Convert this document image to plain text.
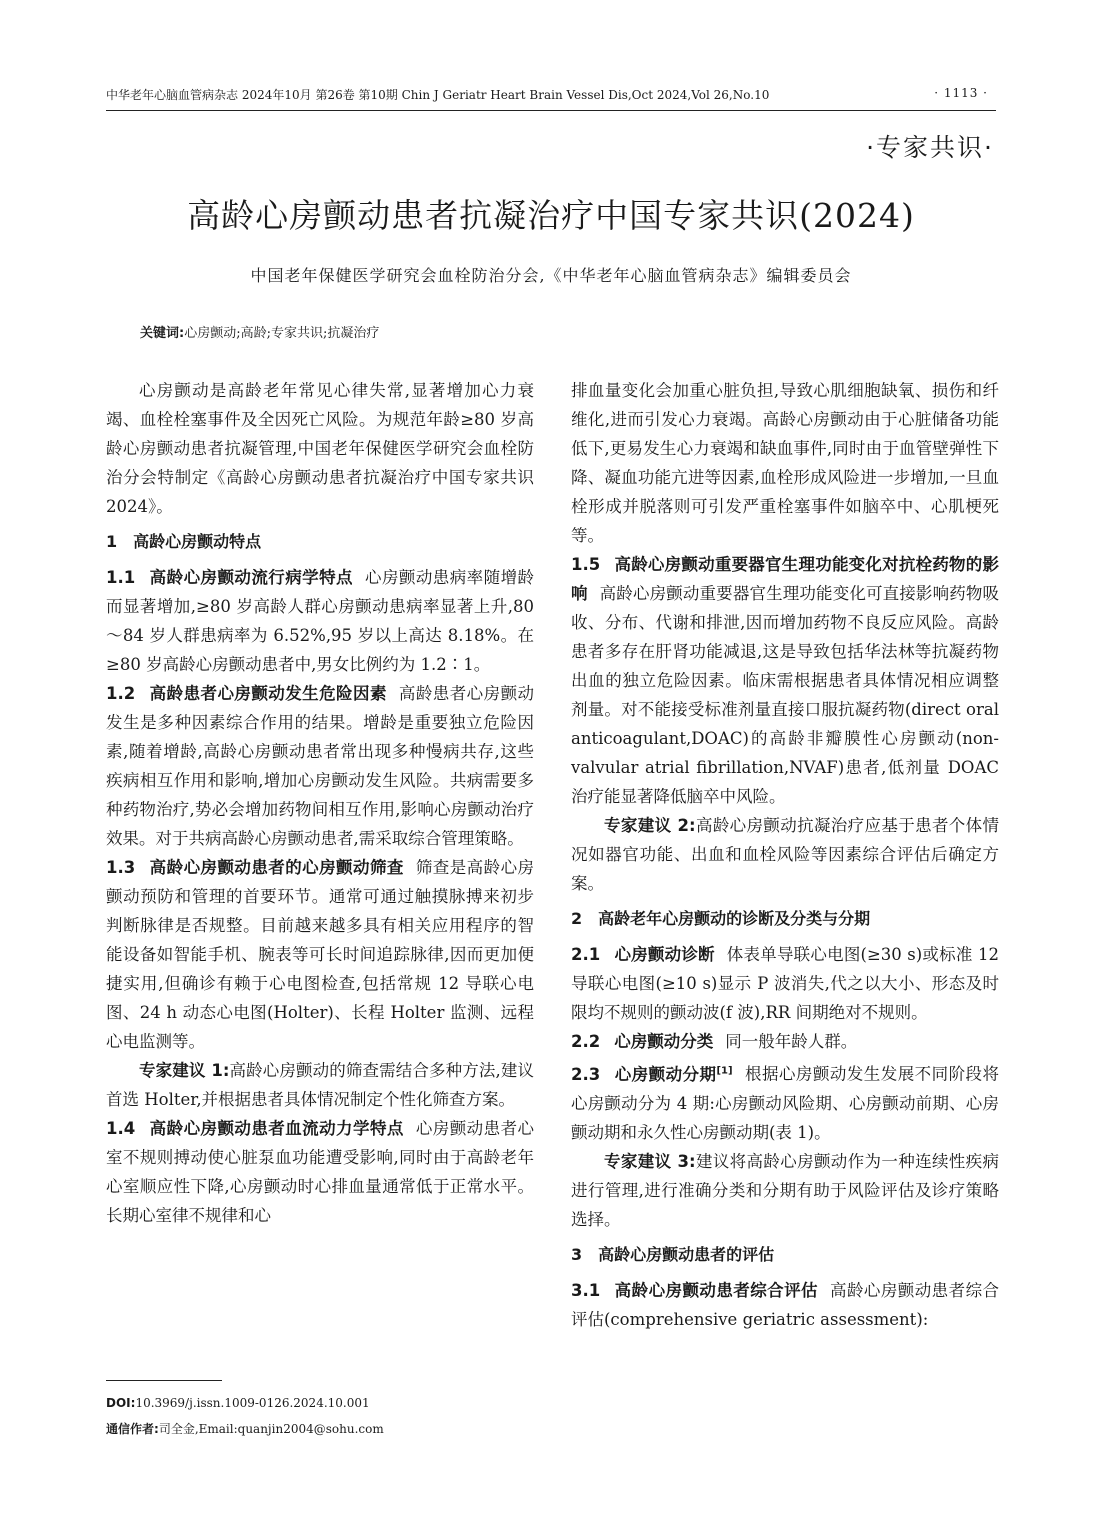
中华老年心脑血管病杂志 2024年10月 第26卷 第10期 Chin J Geriatr Heart Brain Vessel Dis,Oct 2024,Vol 26,No.10	· 1113 ·
·专家共识·
高龄心房颤动患者抗凝治疗中国专家共识(2024)
中国老年保健医学研究会血栓防治分会,《中华老年心脑血管病杂志》编辑委员会
关键词:心房颤动;高龄;专家共识;抗凝治疗

心房颤动是高龄老年常见心律失常,显著增加心力衰竭、血栓栓塞事件及全因死亡风险。为规范年龄≥80 岁高龄心房颤动患者抗凝管理,中国老年保健医学研究会血栓防治分会特制定《高龄心房颤动患者抗凝治疗中国专家共识 2024》。

1 高龄心房颤动特点

1.1 高龄心房颤动流行病学特点 心房颤动患病率随增龄而显著增加,≥80 岁高龄人群心房颤动患病率显著上升,80～84 岁人群患病率为 6.52%,95 岁以上高达 8.18%。在≥80 岁高龄心房颤动患者中,男女比例约为 1.2∶1。

1.2 高龄患者心房颤动发生危险因素 高龄患者心房颤动发生是多种因素综合作用的结果。增龄是重要独立危险因素,随着增龄,高龄心房颤动患者常出现多种慢病共存,这些疾病相互作用和影响,增加心房颤动发生风险。共病需要多种药物治疗,势必会增加药物间相互作用,影响心房颤动治疗效果。对于共病高龄心房颤动患者,需采取综合管理策略。

1.3 高龄心房颤动患者的心房颤动筛查 筛查是高龄心房颤动预防和管理的首要环节。通常可通过触摸脉搏来初步判断脉律是否规整。目前越来越多具有相关应用程序的智能设备如智能手机、腕表等可长时间追踪脉律,因而更加便捷实用,但确诊有赖于心电图检查,包括常规 12 导联心电图、24 h 动态心电图(Holter)、长程 Holter 监测、远程心电监测等。

专家建议 1:高龄心房颤动的筛查需结合多种方法,建议首选 Holter,并根据患者具体情况制定个性化筛查方案。

1.4 高龄心房颤动患者血流动力学特点 心房颤动患者心室不规则搏动使心脏泵血功能遭受影响,同时由于高龄老年心室顺应性下降,心房颤动时心排血量通常低于正常水平。长期心室律不规律和心

排血量变化会加重心脏负担,导致心肌细胞缺氧、损伤和纤维化,进而引发心力衰竭。高龄心房颤动由于心脏储备功能低下,更易发生心力衰竭和缺血事件,同时由于血管壁弹性下降、凝血功能亢进等因素,血栓形成风险进一步增加,一旦血栓形成并脱落则可引发严重栓塞事件如脑卒中、心肌梗死等。

1.5 高龄心房颤动重要器官生理功能变化对抗栓药物的影响 高龄心房颤动重要器官生理功能变化可直接影响药物吸收、分布、代谢和排泄,因而增加药物不良反应风险。高龄患者多存在肝肾功能减退,这是导致包括华法林等抗凝药物出血的独立危险因素。临床需根据患者具体情况相应调整剂量。对不能接受标准剂量直接口服抗凝药物(direct oral anticoagulant,DOAC)的高龄非瓣膜性心房颤动(non-valvular atrial fibrillation,NVAF)患者,低剂量 DOAC 治疗能显著降低脑卒中风险。

专家建议 2:高龄心房颤动抗凝治疗应基于患者个体情况如器官功能、出血和血栓风险等因素综合评估后确定方案。

2 高龄老年心房颤动的诊断及分类与分期

2.1 心房颤动诊断 体表单导联心电图(≥30 s)或标准 12 导联心电图(≥10 s)显示 P 波消失,代之以大小、形态及时限均不规则的颤动波(f 波),RR 间期绝对不规则。

2.2 心房颤动分类 同一般年龄人群。

2.3 心房颤动分期[1] 根据心房颤动发生发展不同阶段将心房颤动分为 4 期:心房颤动风险期、心房颤动前期、心房颤动期和永久性心房颤动期(表 1)。

专家建议 3:建议将高龄心房颤动作为一种连续性疾病进行管理,进行准确分类和分期有助于风险评估及诊疗策略选择。

3 高龄心房颤动患者的评估

3.1 高龄心房颤动患者综合评估 高龄心房颤动患者综合评估(comprehensive geriatric assessment):

DOI:10.3969/j.issn.1009-0126.2024.10.001
通信作者:司全金,Email:quanjin2004@sohu.com
